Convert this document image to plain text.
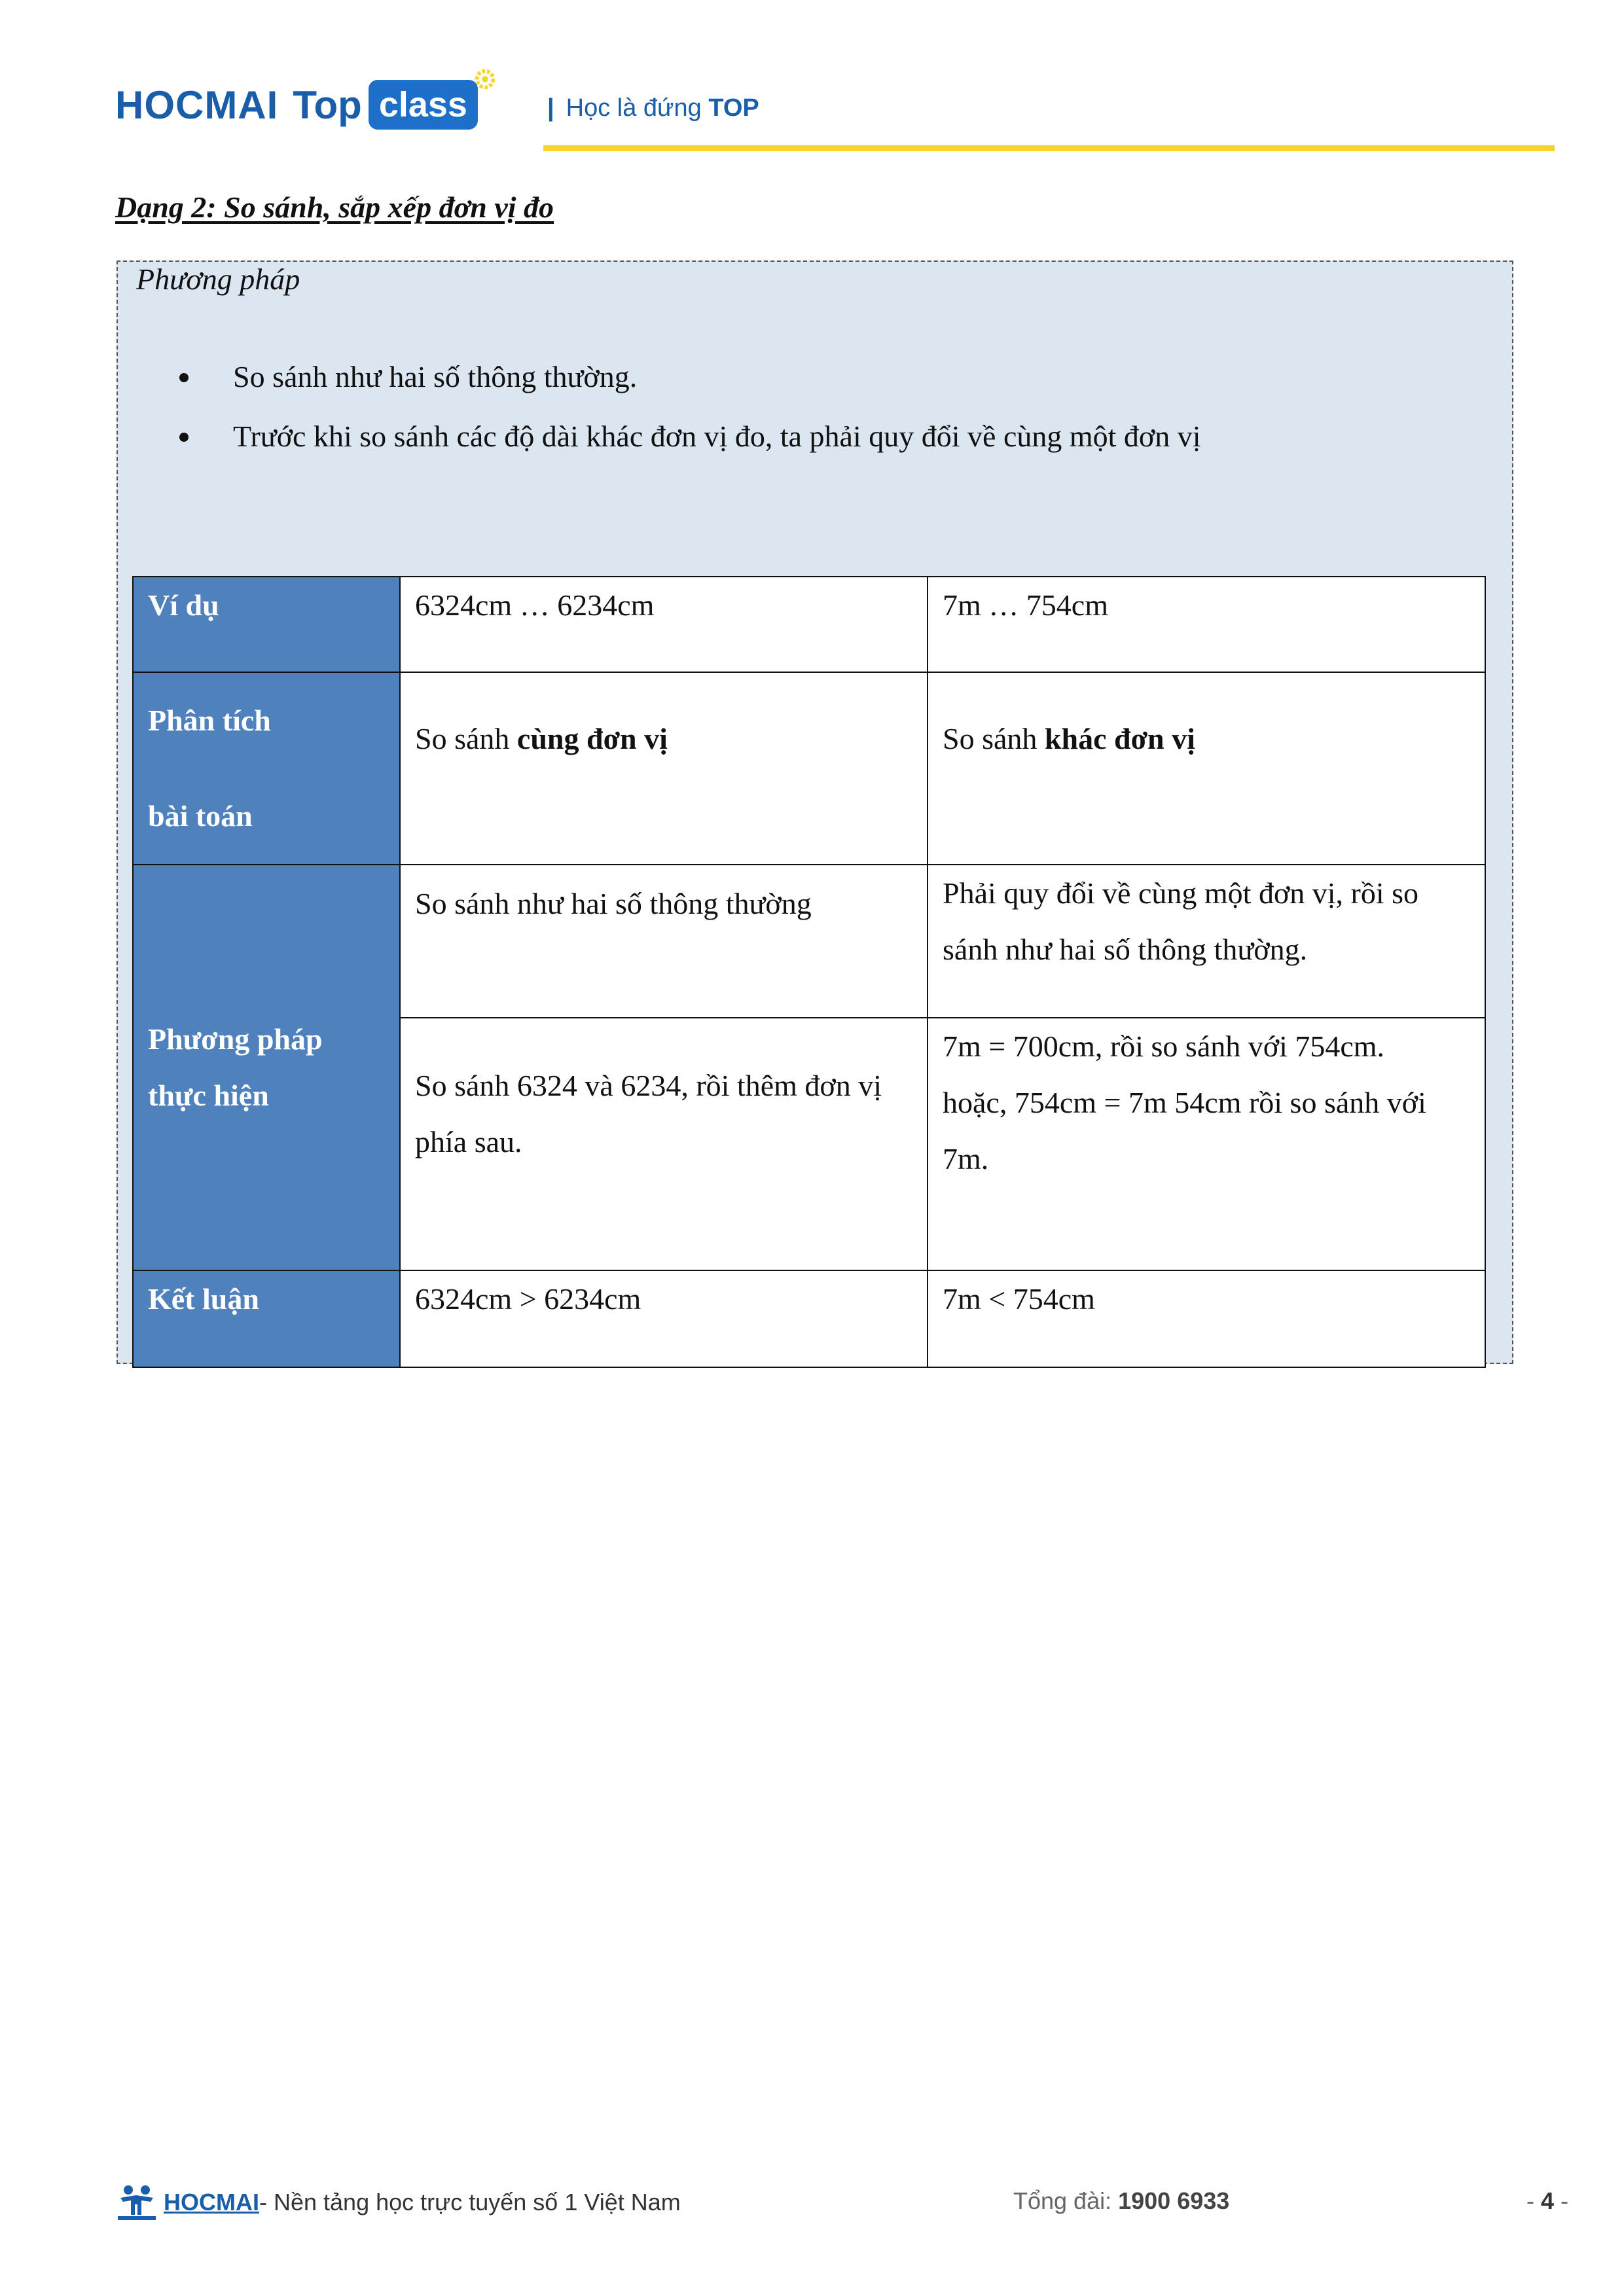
HOCMAI Top class	| Học là đứng TOP
Dạng 2: So sánh, sắp xếp đơn vị đo
Phương pháp
So sánh như hai số thông thường.
Trước khi so sánh các độ dài khác đơn vị đo, ta phải quy đổi về cùng một đơn vị
Ví dụ	6324cm … 6234cm	7m … 754cm

Phân tích
bài toán	So sánh cùng đơn vị	So sánh khác đơn vị

Phương pháp
thực hiện	So sánh như hai số thông thường	Phải quy đổi về cùng một đơn vị, rồi so sánh như hai số thông thường.
	So sánh 6324 và 6234, rồi thêm đơn vị phía sau.	7m = 700cm, rồi so sánh với 754cm.
hoặc, 754cm = 7m 54cm rồi so sánh với 7m.

Kết luận	6324cm > 6234cm	7m < 754cm
HOCMAI - Nền tảng học trực tuyến số 1 Việt Nam	Tổng đài: 1900 6933	- 4 -
